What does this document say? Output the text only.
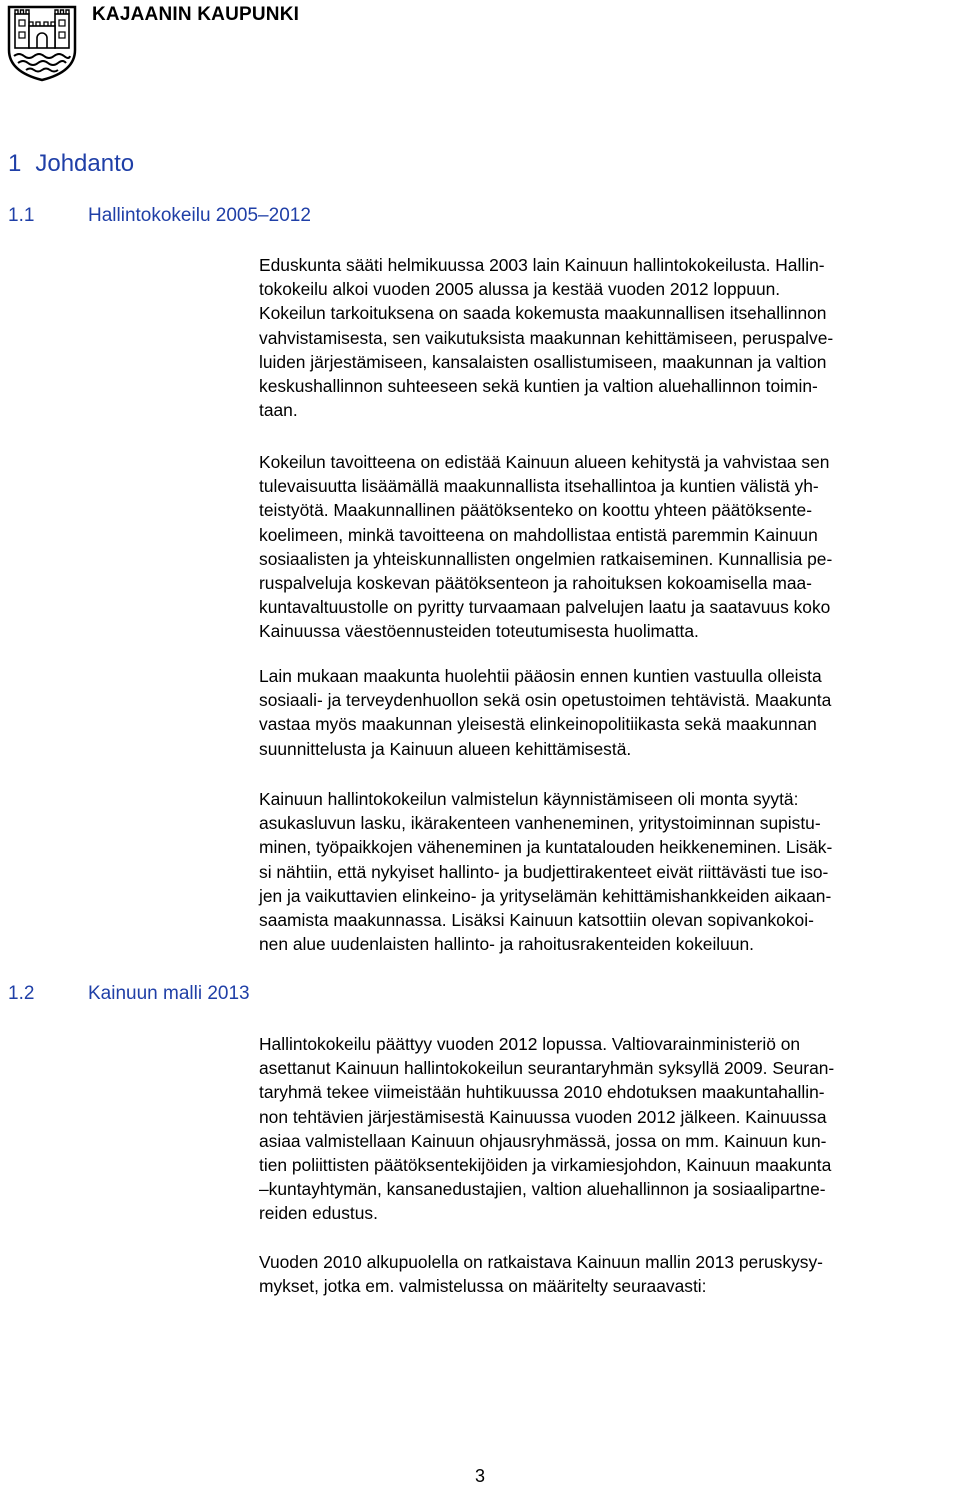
KAJAANIN KAUPUNKI
1 Johdanto
1.1	Hallintokokeilu 2005–2012

Eduskunta sääti helmikuussa 2003 lain Kainuun hallintokokeilusta. Hallin-
tokokeilu alkoi vuoden 2005 alussa ja kestää vuoden 2012 loppuun.
Kokeilun tarkoituksena on saada kokemusta maakunnallisen itsehallinnon
vahvistamisesta, sen vaikutuksista maakunnan kehittämiseen, peruspalve-
luiden järjestämiseen, kansalaisten osallistumiseen, maakunnan ja valtion
keskushallinnon suhteeseen sekä kuntien ja valtion aluehallinnon toimin-
taan.

Kokeilun tavoitteena on edistää Kainuun alueen kehitystä ja vahvistaa sen
tulevaisuutta lisäämällä maakunnallista itsehallintoa ja kuntien välistä yh-
teistyötä. Maakunnallinen päätöksenteko on koottu yhteen päätöksente-
koelimeen, minkä tavoitteena on mahdollistaa entistä paremmin Kainuun
sosiaalisten ja yhteiskunnallisten ongelmien ratkaiseminen. Kunnallisia pe-
ruspalveluja koskevan päätöksenteon ja rahoituksen kokoamisella maa-
kuntavaltuustolle on pyritty turvaamaan palvelujen laatu ja saatavuus koko
Kainuussa väestöennusteiden toteutumisesta huolimatta.

Lain mukaan maakunta huolehtii pääosin ennen kuntien vastuulla olleista
sosiaali- ja terveydenhuollon sekä osin opetustoimen tehtävistä. Maakunta
vastaa myös maakunnan yleisestä elinkeinopolitiikasta sekä maakunnan
suunnittelusta ja Kainuun alueen kehittämisestä.

Kainuun hallintokokeilun valmistelun käynnistämiseen oli monta syytä:
asukasluvun lasku, ikärakenteen vanheneminen, yritystoiminnan supistu-
minen, työpaikkojen väheneminen ja kuntatalouden heikkeneminen. Lisäk-
si nähtiin, että nykyiset hallinto- ja budjettirakenteet eivät riittävästi tue iso-
jen ja vaikuttavien elinkeino- ja yrityselämän kehittämishankkeiden aikaan-
saamista maakunnassa. Lisäksi Kainuun katsottiin olevan sopivankokoi-
nen alue uudenlaisten hallinto- ja rahoitusrakenteiden kokeiluun.

1.2	Kainuun malli 2013

Hallintokokeilu päättyy vuoden 2012 lopussa. Valtiovarainministeriö on
asettanut Kainuun hallintokokeilun seurantaryhmän syksyllä 2009. Seuran-
taryhmä tekee viimeistään huhtikuussa 2010 ehdotuksen maakuntahallin-
non tehtävien järjestämisestä Kainuussa vuoden 2012 jälkeen. Kainuussa
asiaa valmistellaan Kainuun ohjausryhmässä, jossa on mm. Kainuun kun-
tien poliittisten päätöksentekijöiden ja virkamiesjohdon, Kainuun maakunta
–kuntayhtymän, kansanedustajien, valtion aluehallinnon ja sosiaalipartne-
reiden edustus.

Vuoden 2010 alkupuolella on ratkaistava Kainuun mallin 2013 peruskysy-
mykset, jotka em. valmistelussa on määritelty seuraavasti:

3
